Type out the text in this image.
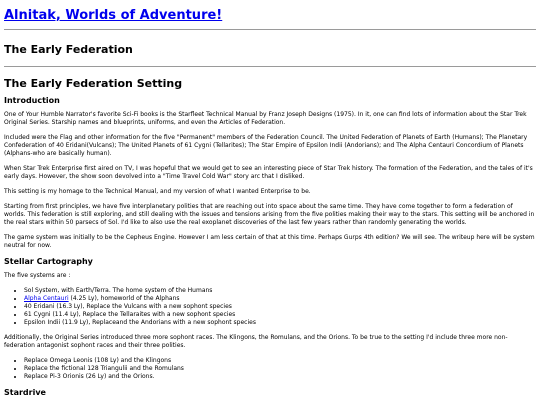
Alnitak, Worlds of Adventure!
The Early Federation
The Early Federation Setting
Introduction

One of Your Humble Narrator's favorite Sci-Fi books is the Starfleet Technical Manual by Franz Joseph Designs (1975). In it, one can find lots of information about the Star Trek Original Series. Starship names and blueprints, uniforms, and even the Articles of Federation.

Included were the Flag and other information for the five "Permanent" members of the Federation Council. The United Federation of Planets of Earth (Humans); The Planetary Confederation of 40 Eridani(Vulcans); The United Planets of 61 Cygni (Tellarites); The Star Empire of Epsilon Indii (Andorians); and The Alpha Centauri Concordium of Planets (Alphans-who are basically human).

When Star Trek Enterprise first aired on TV, I was hopeful that we would get to see an interesting piece of Star Trek history. The formation of the Federation, and the tales of it's early days. However, the show soon devolved into a "Time Travel Cold War" story arc that I disliked.

This setting is my homage to the Technical Manual, and my version of what I wanted Enterprise to be.

Starting from first principles, we have five interplanetary polities that are reaching out into space about the same time. They have come together to form a federation of worlds. This federation is still exploring, and still dealing with the issues and tensions arising from the five polities making their way to the stars. This setting will be anchored in the real stars within 50 parsecs of Sol. I'd like to also use the real exoplanet discoveries of the last few years rather than randomly generating the worlds.

The game system was initially to be the Cepheus Engine. However I am less certain of that at this time. Perhaps Gurps 4th edition? We will see. The writeup here will be system neutral for now.

Stellar Cartography

The five systems are :

• Sol System, with Earth/Terra. The home system of the Humans
• Alpha Centauri (4.25 Ly), homeworld of the Alphans
• 40 Eridani (16.3 Ly), Replace the Vulcans with a new sophont species
• 61 Cygni (11.4 Ly), Replace the Tellaraites with a new sophont species
• Epsilon Indii (11.9 Ly), Replaceand the Andorians with a new sophont species

Additionally, the Original Series introduced three more sophont races. The Klingons, the Romulans, and the Orions. To be true to the setting I'd include three more non-federation antagonist sophont races and their three polities.

• Replace Omega Leonis (108 Ly) and the Klingons
• Replace the fictional 128 Triangulii and the Romulans
• Replace Pi-3 Orionis (26 Ly) and the Orions.
Stardrive
